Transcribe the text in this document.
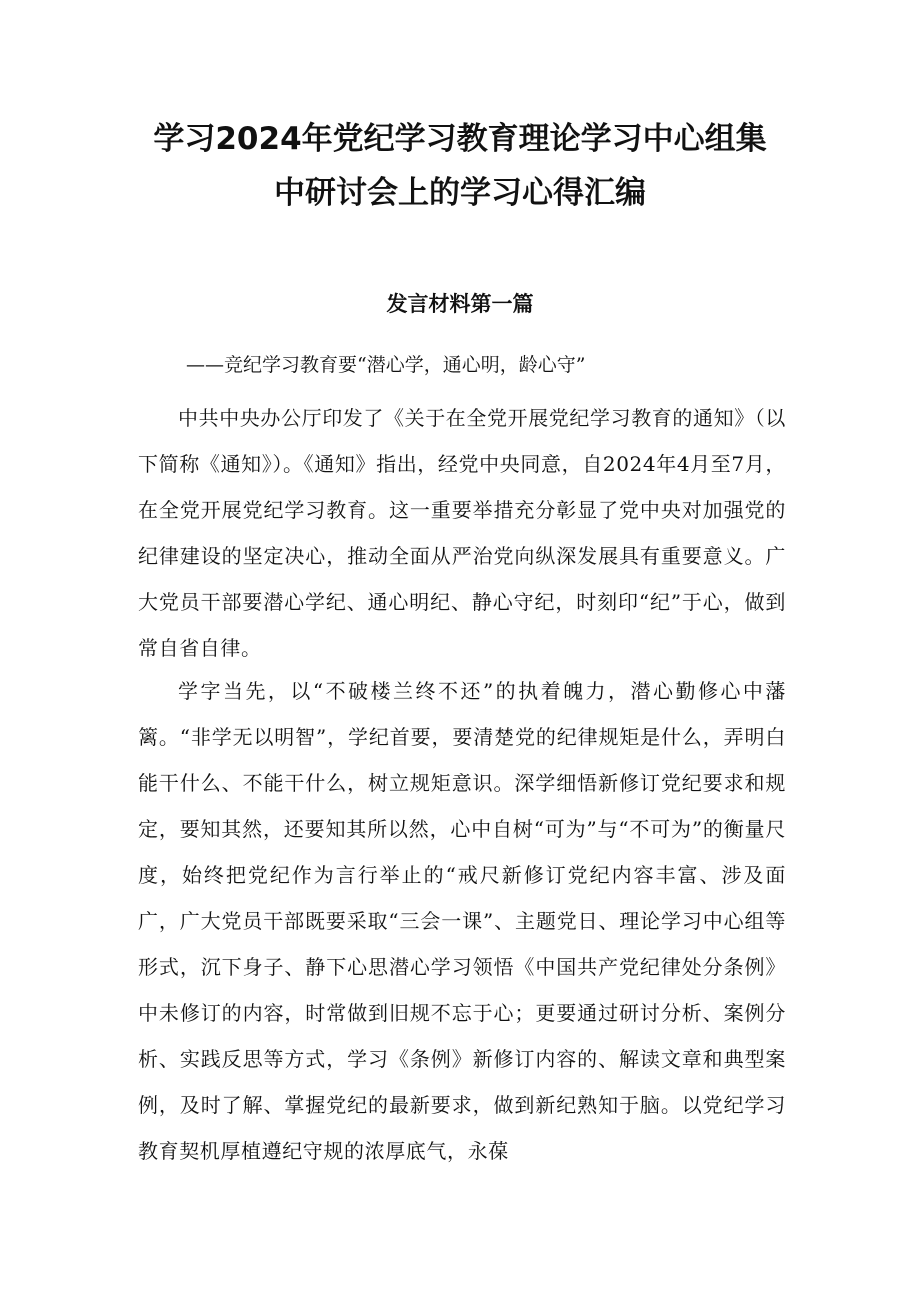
学习2024年党纪学习教育理论学习中心组集中研讨会上的学习心得汇编
发言材料第一篇

——竞纪学习教育要“潜心学，通心明，龄心守”

中共中央办公厅印发了《关于在全党开展党纪学习教育的通知》（以下简称《通知》）。《通知》指出，经党中央同意，自2024年4月至7月，在全党开展党纪学习教育。这一重要举措充分彰显了党中央对加强党的纪律建设的坚定决心，推动全面从严治党向纵深发展具有重要意义。广大党员干部要潜心学纪、通心明纪、静心守纪，时刻印“纪”于心，做到常自省自律。

学字当先，以“不破楼兰终不还”的执着魄力，潜心勤修心中藩篱。“非学无以明智”，学纪首要，要清楚党的纪律规矩是什么，弄明白能干什么、不能干什么，树立规矩意识。深学细悟新修订党纪要求和规定，要知其然，还要知其所以然，心中自树“可为”与“不可为”的衡量尺度，始终把党纪作为言行举止的“戒尺新修订党纪内容丰富、涉及面广，广大党员干部既要采取“三会一课”、主题党日、理论学习中心组等形式，沉下身子、静下心思潜心学习领悟《中国共产党纪律处分条例》中未修订的内容，时常做到旧规不忘于心；更要通过研讨分析、案例分析、实践反思等方式，学习《条例》新修订内容的、解读文章和典型案例，及时了解、掌握党纪的最新要求，做到新纪熟知于脑。以党纪学习教育契机厚植遵纪守规的浓厚底气，永葆
